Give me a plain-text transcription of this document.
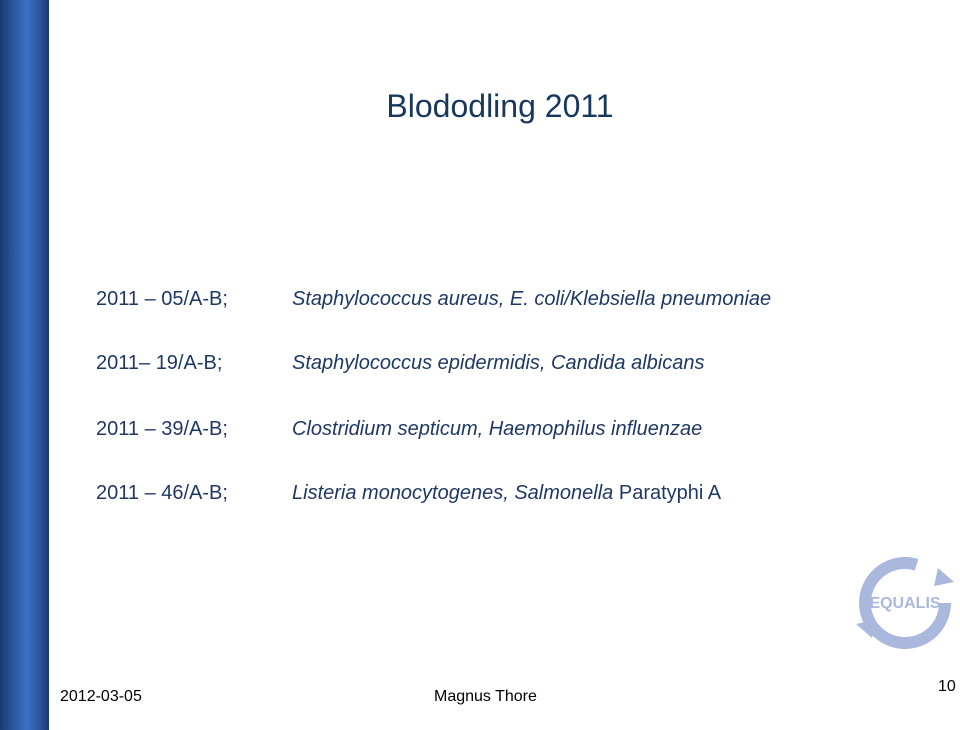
Blododling 2011
2011 – 05/A-B;	Staphylococcus aureus, E. coli/Klebsiella pneumoniae
2011– 19/A-B;	Staphylococcus epidermidis, Candida albicans
2011 – 39/A-B;	Clostridium septicum, Haemophilus influenzae
2011 – 46/A-B;	Listeria monocytogenes, Salmonella Paratyphi A
EQUALIS
2012-03-05	Magnus Thore
10
